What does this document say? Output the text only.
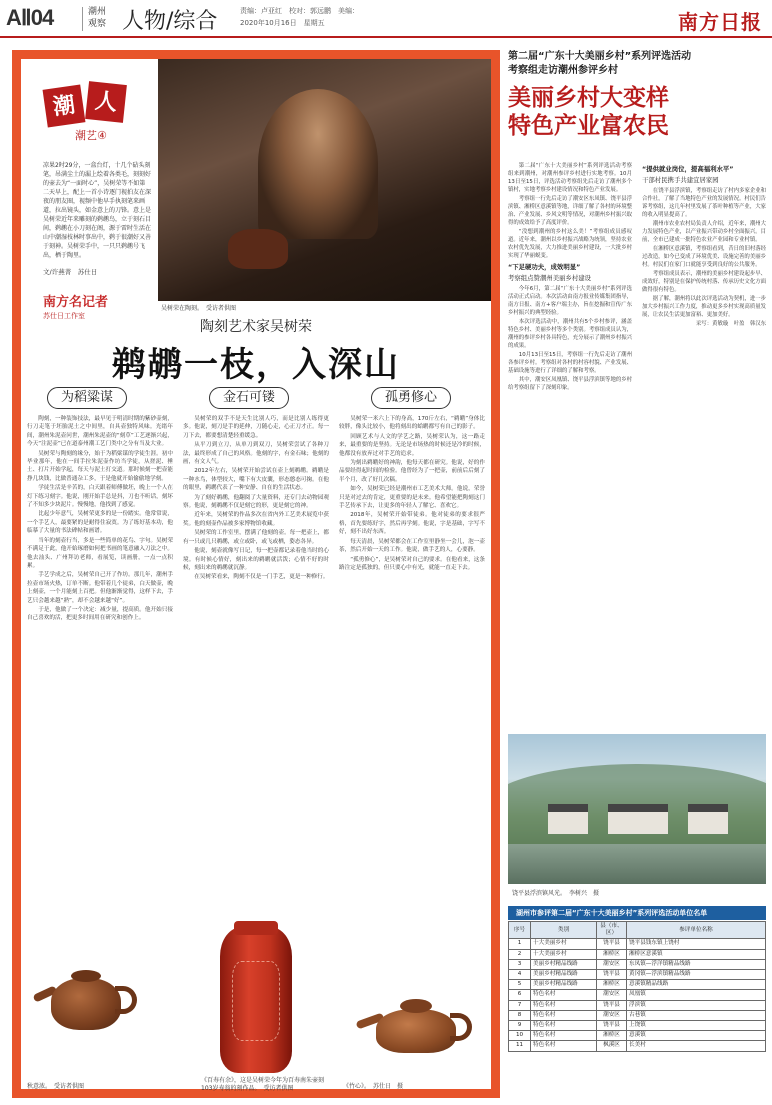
AⅡ04	潮州观察 人物/综合	责编：卢亚红　校对：郭远鹏　美编：
2020年10月16日　星期五	南方日报
潮 人
潮艺④
凉果2时29分，一盒台灯，十几个砧头刻笔，吊满尘土的漏上绘着各类毛，刻刻好的壶去为“一面时心”，吴树荣等不如第二天早上，配上一首小诗逐门视拍友在深夜的朋友圈，视频中他早手执刻笔来画道，拉出镜头，如金意上的刀锋。意上是吴树荣近年来雕刻的鹈鹕鸟，立于刻石目间，鹈鹕在小刀刻在阁，源于雷时生活在山中潮湿枝林时事出中，鹈于很潮好又善于刻神。吴树荣手中，一只只鹈鹕号飞出，栖于陶里。
文/许燕菁　苏仕日
南方名记者
苏仕日工作室
吴树荣在陶刻。　受访者供图
陶刻艺术家吴树荣
鹈鹕一枝，入深山
为稻粱谋	金石可镂	孤勇修心

陶刻，一种装饰技法，最早见于明清时期的紫砂壶刻，行刀走笔于坯胎泥土之中间里，自具壶独特风味。光绪年间，潮州朱泥壶问世，潮州朱泥壶的“刻草”工艺逐渐兴起，今天“注泥壶”已在道泰州潮工艺门类中之分有当及大业。

吴树荣与陶刻的缘分，始于为稻粱谋的学徒生涯。初中毕业那年，他在一间手拉朱泥壶作坊当学徒，从搓泥、捶土、打片开始学起，每天与泥土打交道。那时候刻一把壶能挣几块钱，比做普通杂工多，于是他就开始偷偷地学刻。

学徒生活是辛苦的，白天跟着师傅做坯，晚上一个人在灯下练习刻字。他说，刚开始手总是抖，刀也不听话，刻坏了不知多少块泥片。慢慢地，他找到了感觉。

比起少年意气，吴树荣更多的是一份踏实。他常常说，一个手艺人，最要紧的是耐得住寂寞。为了练好基本功，他临摹了大量的书法碑帖和画谱。

当年的刻壶行当，多是一些简单的花鸟、字句。吴树荣不满足于此，他开始琢磨如何把书画的笔意融入刀法之中。他去汕头、广州拜访老师，看展览，读画册，一点一点积累。

手艺学成之后，吴树荣自己开了作坊。那几年，潮州手拉壶市场火热，订单不断。他带着几个徒弟，白天做壶，晚上刻壶，一个月能刻上百把。但他渐渐觉得，这样下去，手艺只会越来越“熟”，却不会越来越“好”。

于是，他做了一个决定：减少量，提高质。他开始只接自己喜欢的活，把更多时间用在研究和创作上。

吴树荣的双手不是天生比别人巧，而是比别人练得更多。他说，刻刀是手的延伸，刀随心走，心正刀才正。每一刀下去，都要想清楚轻重缓急。

从平刀到立刀，从单刀到双刀，吴树荣尝试了各种刀法，最终形成了自己的风格。他刻的字，有金石味；他刻的画，有文人气。

2012年左右，吴树荣开始尝试在壶上刻鹈鹕。鹈鹕是一种水鸟，体型较大，嘴下有大皮囊，形态憨态可掬。在他的眼里，鹈鹕代表了一种安静、自在的生活状态。

为了刻好鹈鹕，他翻阅了大量资料，还专门去动物园观察。他说，刻鹈鹕不仅是刻它的形，更是刻它的神。

近年来，吴树荣的作品多次在省内外工艺美术展览中获奖。他的刻壶作品被多家博物馆收藏。

吴树荣的工作室里，摆满了他刻的壶。每一把壶上，都有一只或几只鹈鹕，或立或卧，或飞或栖，姿态各异。

他说，刻壶就像写日记，每一把壶都记录着他当时的心境。有时候心情好，刻出来的鹈鹕就活泼；心情不好的时候，刻出来的鹈鹕就沉静。

在吴树荣看来，陶刻不仅是一门手艺，更是一种修行。

吴树荣一米六上下的身高，170斤左右，“鹈鹕”身体比较胖，像头比较小，他将刻出的蛤鹕都写有自己的影子。

回顾艺术与人文的学艺之路，吴树荣认为，这一路走来，最重要的是坚持。无论是市场热的时候还是冷的时候，他都没有放弃过对手艺的追求。

为刻出鹈鹕好的神韵，他每天都在研究。他说，好的作品要经得起时间的检验。他曾经为了一把壶，前前后后刻了半个月，改了好几次稿。

如今，吴树荣已经是潮州市工艺美术大师。他说，荣誉只是对过去的肯定，更重要的是未来。他希望能把陶刻这门手艺传承下去，让更多的年轻人了解它、喜欢它。

2018年，吴树荣开始带徒弟。他对徒弟的要求很严格，首先要练好字，然后再学刻。他说，字是基础，字写不好，刻不出好东西。

每天清晨，吴树荣都会在工作室里静坐一会儿，泡一壶茶，然后开始一天的工作。他说，做手艺的人，心要静。

“孤勇修心”，是吴树荣对自己的要求。在他看来，这条路注定是孤独的，但只要心中有光，就能一直走下去。

秋意浓。　受访者供图
《百寿有余》，这是吴树荣今年为百寿南朱壶刻103岁寿翁的刻作品。　受访者供图	《竹心》。　苏仕日　摄
第二届“广东十大美丽乡村”系列评选活动
考察组走访潮州参评乡村
美丽乡村大变样
特色产业富农民

第二届“广东十大美丽乡村”系列评选活动考察组来到潮州，对潮州参评乡村进行实地考察。10月13日至15日，评选活动考察组先后走访了潮州多个镇村，实地考察乡村建设情况和特色产业发展。

考察组一行先后走访了潮安区东凤镇、饶平县浮滨镇、湘桥区意溪镇等地，详细了解了各村的环境整治、产业发展、乡风文明等情况，对潮州乡村振兴取得的成效给予了高度评价。

“没想到潮州的乡村这么美！”考察组成员感叹道。近年来，潮州以乡村振兴战略为统领，坚持农业农村优先发展，大力推进美丽乡村建设，一大批乡村实现了华丽蜕变。

“下足硬功夫，成效明显”
考察组点赞潮州美丽乡村建设

今年6月，第二届“广东十大美丽乡村”系列评选活动正式启动。本次活动由南方报业传媒集团指导，南方日报、南方+客户端主办，旨在挖掘和宣传广东乡村振兴的典型经验。

本次评选活动中，潮州共有5个乡村参评，涵盖特色乡村、美丽乡村等多个类别。考察组成员认为，潮州的参评乡村各具特色，充分展示了潮州乡村振兴的成果。

10月13日至15日，考察组一行先后走访了潮州各参评乡村。考察组对各村的村容村貌、产业发展、基础设施等进行了详细的了解和考察。

其中，潮安区凤凰镇、饶平县浮滨镇等地的乡村给考察组留下了深刻印象。

“提供就业岗位，提高福利水平”
干部村民携手共建宜居家园

在饶平县浮滨镇，考察组走访了村内多家企业和合作社，了解了当地特色产业的发展情况。村民们告诉考察组，这几年村里发展了茶叶种植等产业，大家的收入明显提高了。

潮州市农业农村局负责人介绍，近年来，潮州大力发展特色产业，以产业振兴带动乡村全面振兴。目前，全市已建成一批特色农业产业园和专业村镇。

在湘桥区意溪镇，考察组看到，昔日的旧村落经过改造，如今已变成了环境优美、设施完善的美丽乡村。村民们在家门口就能享受到良好的公共服务。

考察组成员表示，潮州的美丽乡村建设起步早、成效好，特别是在保护传统村落、传承历史文化方面做得很有特色。

据了解，潮州将以此次评选活动为契机，进一步加大乡村振兴工作力度，推动更多乡村实现高质量发展，让农民生活更加富裕、更加美好。

采写：黄敏璇　叶盈　韩汉东

饶平县浮滨镇风光。　李树兴　摄
湖州市参评第二届“广东十大美丽乡村”系列评选活动单位名单
序号	类别	县（市、区）	参评单位名称
1	十大美丽乡村	饶平县	饶平县钱东镇上饶村
2	十大美丽乡村	湘桥区	湘桥区意溪镇
3	美丽乡村精品线路	潮安区	东凤镇—浮洋镇精品线路
4	美丽乡村精品线路	饶平县	黄冈镇—浮滨镇精品线路
5	美丽乡村精品线路	湘桥区	意溪镇精品线路
6	特色名村	潮安区	凤凰镇
7	特色名村	饶平县	浮滨镇
8	特色名村	潮安区	古巷镇
9	特色名村	饶平县	上饶镇
10	特色名村	湘桥区	意溪镇
11	特色名村	枫溪区	长美村
